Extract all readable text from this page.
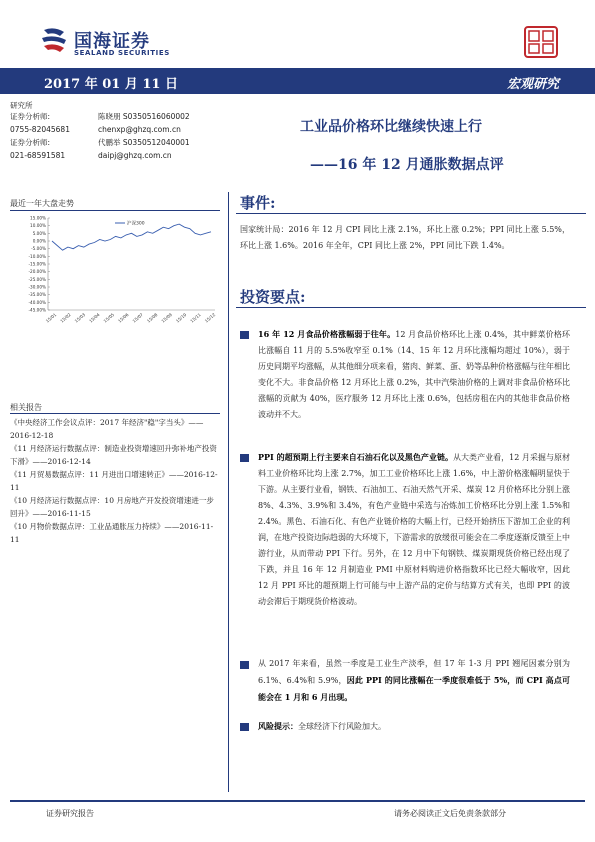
国海证券
SEALAND SECURITIES
2017 年 01 月 11 日	宏观研究
研究所
证券分析师:	陈晓朋 S0350516060002
0755-82045681	chenxp@ghzq.com.cn
证券分析师:	代鹏举 S0350512040001
021-68591581	daipj@ghzq.com.cn
工业品价格环比继续快速上行
——16 年 12 月通胀数据点评
最近一年大盘走势
15.00%
10.00%
5.00%
0.00%
-5.00%
-10.00%
-15.00%
-20.00%
-25.00%
-30.00%
-35.00%
-40.00%
-45.00%
15/01 15/02 15/03 15/04 15/05 15/06 15/07 15/08 15/09 15/10 15/11 15/12
沪深300
相关报告
《中央经济工作会议点评：2017 年经济"稳"字当头》——2016-12-18
《11 月经济运行数据点评：制造业投资增速回升弥补地产投资下滑》——2016-12-14
《11 月贸易数据点评：11 月进出口增速转正》——2016-12-11
《10 月经济运行数据点评：10 月房地产开发投资增速进一步回升》——2016-11-15
《10 月物价数据点评：工业品通胀压力持续》——2016-11-11
事件:
国家统计局：2016 年 12 月 CPI 同比上涨 2.1%，环比上涨 0.2%；PPI 同比上涨 5.5%，环比上涨 1.6%。2016 年全年，CPI 同比上涨 2%，PPI 同比下跌 1.4%。
投资要点:
16 年 12 月食品价格涨幅弱于往年。12 月食品价格环比上涨 0.4%，其中鲜菜价格环比涨幅自 11 月的 5.5%收窄至 0.1%（14、15 年 12 月环比涨幅均超过 10%），弱于历史同期平均涨幅，从其他细分项来看，猪肉、鲜菜、蛋、奶等品种价格涨幅与往年相比变化不大。非食品价格 12 月环比上涨 0.2%，其中汽柴油价格的上调对非食品价格环比涨幅的贡献为 40%，医疗服务 12 月环比上涨 0.6%，包括房租在内的其他非食品价格波动并不大。
PPI 的超预期上行主要来自石油石化以及黑色产业链。从大类产业看，12 月采掘与原材料工业价格环比均上涨 2.7%，加工工业价格环比上涨 1.6%，中上游价格涨幅明显快于下游。从主要行业看，钢铁、石油加工、石油天然气开采、煤炭 12 月价格环比分别上涨 8%、4.3%、3.9%和 3.4%，有色产业链中采选与冶炼加工价格环比分别上涨 1.5%和 2.4%。黑色、石油石化、有色产业链价格的大幅上行，已经开始挤压下游加工企业的利润，在地产投资边际趋弱的大环境下，下游需求的放缓很可能会在二季度逐渐反馈至上中游行业，从而带动 PPI 下行。另外，在 12 月中下旬钢铁、煤炭期现货价格已经出现了下跌，并且 16 年 12 月制造业 PMI 中原材料购进价格指数环比已经大幅收窄，因此 12 月 PPI 环比的超预期上行可能与中上游产品的定价与结算方式有关，也即 PPI 的波动会滞后于期现货价格波动。
从 2017 年来看，虽然一季度是工业生产淡季，但 17 年 1-3 月 PPI 翘尾因素分别为 6.1%、6.4%和 5.9%，因此 PPI 的同比涨幅在一季度很难低于 5%，而 CPI 高点可能会在 1 月和 6 月出现。
风险提示：全球经济下行风险加大。
证券研究报告	请务必阅读正文后免责条款部分
